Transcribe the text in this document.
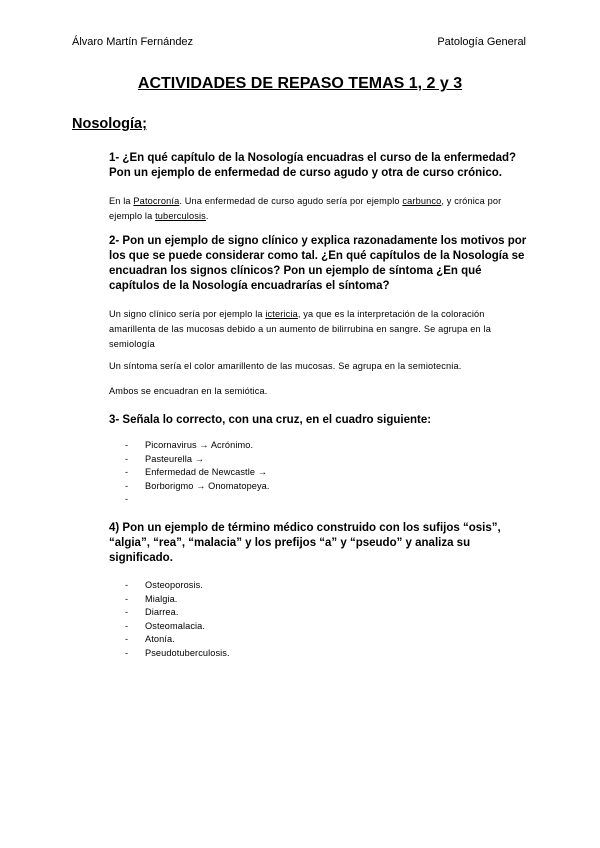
Álvaro Martín Fernández	Patología General
ACTIVIDADES DE REPASO TEMAS 1, 2 y 3
Nosología;
1- ¿En qué capítulo de la Nosología encuadras el curso de la enfermedad? Pon un ejemplo de enfermedad de curso agudo y otra de curso crónico.
En la Patocronía. Una enfermedad de curso agudo sería por ejemplo carbunco, y crónica por ejemplo la tuberculosis.
2- Pon un ejemplo de signo clínico y explica razonadamente los motivos por los que se puede considerar como tal. ¿En qué capítulos de la Nosología se encuadran los signos clínicos? Pon un ejemplo de síntoma ¿En qué capítulos de la Nosología encuadrarías el síntoma?
Un signo clínico sería por ejemplo la ictericia, ya que es la interpretación de la coloración amarillenta de las mucosas debido a un aumento de bilirrubina en sangre. Se agrupa en la semiología
Un síntoma sería el color amarillento de las mucosas. Se agrupa en la semiotecnia.
Ambos se encuadran en la semiótica.
3- Señala lo correcto, con una cruz, en el cuadro siguiente:
- Picornavirus → Acrónimo.
- Pasteurella →
- Enfermedad de Newcastle →
- Borborigmo → Onomatopeya.
-
4) Pon un ejemplo de término médico construido con los sufijos “osis”, “algia”, “rea”, “malacia” y los prefijos “a” y “pseudo” y analiza su significado.
- Osteoporosis.
- Mialgia.
- Diarrea.
- Osteomalacia.
- Atonía.
- Pseudotuberculosis.
